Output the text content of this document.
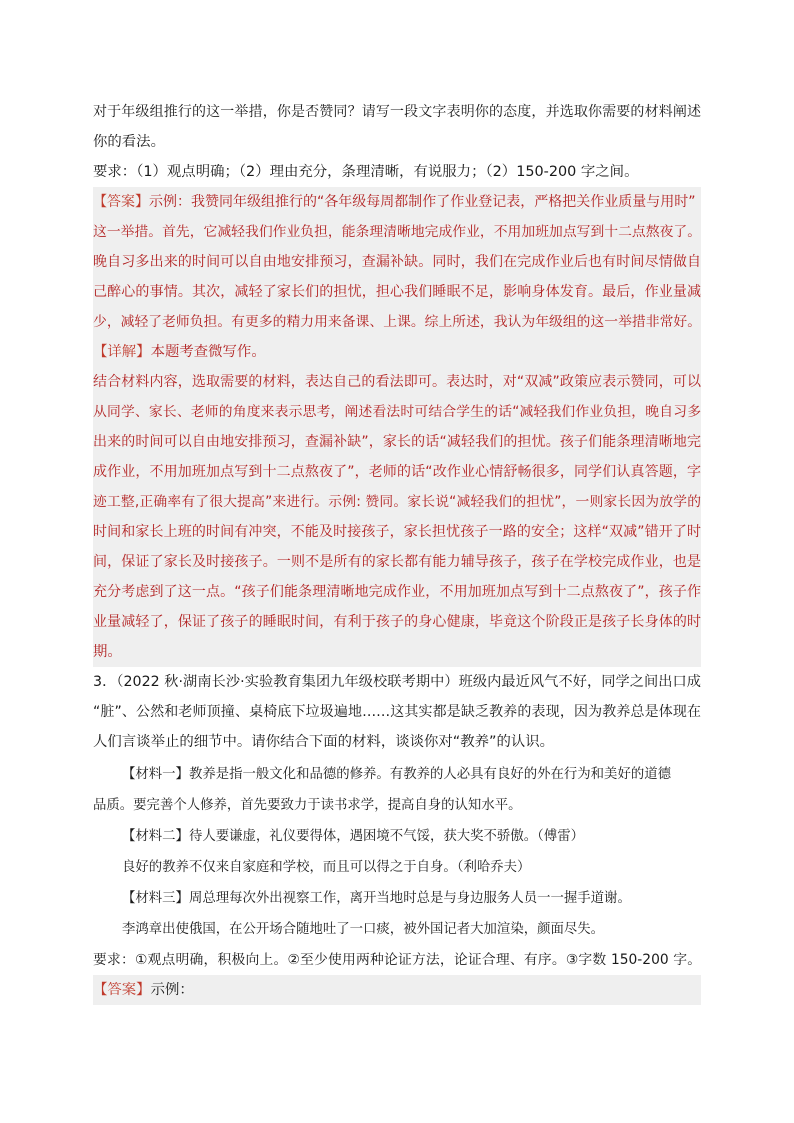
对于年级组推行的这一举措，你是否赞同？请写一段文字表明你的态度，并选取你需要的材料阐述
你的看法。
要求：（1）观点明确；（2）理由充分，条理清晰，有说服力；（2）150-200 字之间。
【答案】示例：我赞同年级组推行的“各年级每周都制作了作业登记表，严格把关作业质量与用时”
这一举措。首先，它减轻我们作业负担，能条理清晰地完成作业，不用加班加点写到十二点熬夜了。
晚自习多出来的时间可以自由地安排预习，查漏补缺。同时，我们在完成作业后也有时间尽情做自
己醉心的事情。其次，减轻了家长们的担忧，担心我们睡眠不足，影响身体发育。最后，作业量减
少，减轻了老师负担。有更多的精力用来备课、上课。综上所述，我认为年级组的这一举措非常好。
【详解】本题考查微写作。
结合材料内容，选取需要的材料，表达自己的看法即可。表达时，对“双减”政策应表示赞同，可以
从同学、家长、老师的角度来表示思考，阐述看法时可结合学生的话“减轻我们作业负担，晚自习多
出来的时间可以自由地安排预习，查漏补缺”，家长的话“减轻我们的担忧。孩子们能条理清晰地完
成作业，不用加班加点写到十二点熬夜了”，老师的话“改作业心情舒畅很多，同学们认真答题，字
迹工整,正确率有了很大提高”来进行。示例: 赞同。家长说“减轻我们的担忧”，一则家长因为放学的
时间和家长上班的时间有冲突，不能及时接孩子，家长担忧孩子一路的安全；这样“双减”错开了时
间，保证了家长及时接孩子。一则不是所有的家长都有能力辅导孩子，孩子在学校完成作业，也是
充分考虑到了这一点。“孩子们能条理清晰地完成作业，不用加班加点写到十二点熬夜了”，孩子作
业量减轻了，保证了孩子的睡眠时间，有利于孩子的身心健康，毕竟这个阶段正是孩子长身体的时
期。
3．（2022 秋·湖南长沙·实验教育集团九年级校联考期中）班级内最近风气不好，同学之间出口成
“脏”、公然和老师顶撞、桌椅底下垃圾遍地……这其实都是缺乏教养的表现，因为教养总是体现在
人们言谈举止的细节中。请你结合下面的材料，谈谈你对“教养”的认识。
【材料一】教养是指一般文化和品德的修养。有教养的人必具有良好的外在行为和美好的道德
品质。要完善个人修养，首先要致力于读书求学，提高自身的认知水平。
【材料二】待人要谦虚，礼仪要得体，遇困境不气馁，获大奖不骄傲。（傅雷）
良好的教养不仅来自家庭和学校，而且可以得之于自身。（利哈乔夫）
【材料三】周总理每次外出视察工作，离开当地时总是与身边服务人员一一握手道谢。
李鸿章出使俄国，在公开场合随地吐了一口痰，被外国记者大加渲染，颜面尽失。
要求：①观点明确，积极向上。②至少使用两种论证方法，论证合理、有序。③字数 150-200 字。
【答案】示例：
